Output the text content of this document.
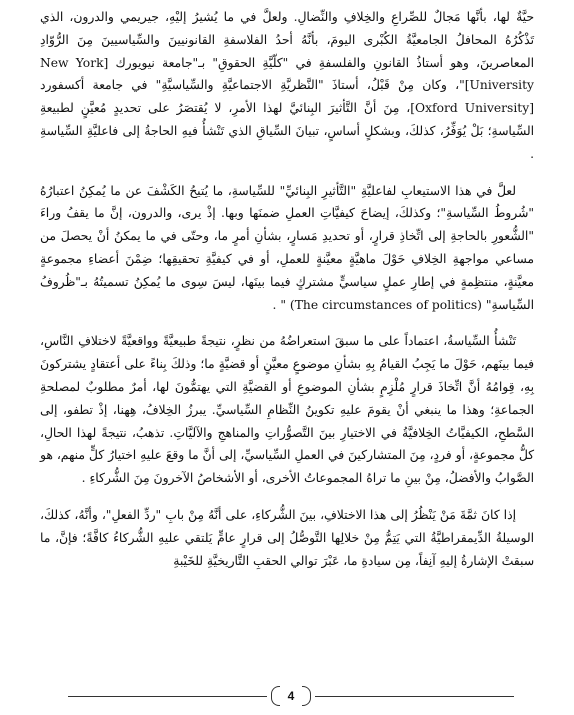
حيَّةٌ لها، بأنَّها مَجالٌ للصِّراعِ والخِلافِ والنِّضالِ. ولعلَّ في ما يُشيرُ إليْهِ، جيريمي والدرون، الذي تَذْكُرُهُ المحافلُ الجامعيَّةُ الكُبْرى اليومَ، بأنَّهُ أحدُ الفلاسفةِ القانونيينَ والسِّياسيينَ مِنَ الرُّوّادِ المعاصرينَ، وهو أستاذُ القانونِ والفلسفةِ في "كلّيَّةِ الحقوقِ" بـ"جامعة نيويورك [New York University]"، وكان مِنْ قَبْلُ، أستاذَ "النَّظريَّةِ الاجتماعيَّةِ والسِّياسيَّةِ" في جامعة أكسفورد [Oxford University]، مِنَ أنَّ التَّأثيرَ البِنائيَّ لهذا الأمرِ، لا يُقتصَرُ على تحديدٍ مُعيَّنٍ لطبيعةِ السِّياسةِ؛ بَلْ يُوَفِّرُ، كذلكَ، وبشكلٍ أساسٍ، تبيانَ السِّياقِ الذي تَنْشأُ فيهِ الحاجةُ إلى فاعليَّةِ السِّياسةِ .

لعلَّ في هذا الاستيعابِ لفاعليَّةِ "التَّأثيرِ البِنائيِّ" للسِّياسةِ، ما يُتيحُ الكَشْفَ عن ما يُمكِنُ اعتبارُهُ "شُروطُ السِّياسةِ"؛ وكذلكَ، إيضاحَ كيفيَّاتِ العملِ ضمنَها وبها. إذْ يرى، والدرون، إنَّ ما يقفُ وراءَ "الشُّعورِ بالحاجةِ إلى اتِّخاذِ قرارٍ، أو تحديدِ مَسارٍ، بشأنِ أمرٍ ما، وحتّى في ما يمكنُ أنْ يحصلَ من مساعي مواجهةِ الخِلافِ حَوْلَ ماهيَّةٍ معيَّنةٍ للعملِ، أو في كيفيَّةِ تحقيقِها؛ ضِمْنَ أعضاءِ مجموعةٍ معيَّنةٍ، منتظِمةٍ في إطارِ عملٍ سياسيٍّ مشتركٍ فيما بينَها، ليسَ سِوى ما يُمكِنُ تسميتُهُ بـ"ظُروفُ السِّياسةِ" (The circumstances of politics) " .

تَنْشأُ السِّياسةُ، اعتماداً على ما سبقَ استعراضُهُ من نظرٍ، نتيجةً طبيعيَّةً وواقعيَّةً لاختلافِ النَّاسِ، فيما بينَهم، حَوْلَ ما يَجِبُ القيامُ بِهِ بشأنِ موضوعٍ معيَّنٍ أو قضيَّةٍ ما؛ وذلكَ بِناءً على أعتقادٍ يشتركونَ بِهِ، قِوامُهُ أنَّ اتِّخاذَ قرارٍ مُلْزِمٍ بشأنِ الموضوعِ أو القضيَّةِ التي يهتمُّونَ لها، أمرٌ مطلوبٌ لمصلحةِ الجماعةِ؛ وهذا ما ينبغي أنْ يقومَ عليهِ تكوينُ النِّظامِ السِّياسيِّ. يبرزُ الخِلافُ، هِهنا، إذْ تطفو، إلى السَّطحِ، الكيفيَّاتُ الخِلافيَّةُ في الاختيارِ بينَ التَّصوُّراتِ والمناهجِ والآليَّاتِ. تذهبُ، نتيجةً لهذا الحالِ، كلُّ مجموعةٍ، أو فردٍ، مِنَ المتشاركينَ في العملِ السِّياسيِّ، إلى أنَّ ما وقعَ عليهِ اختيارُ كلٍّ منهم، هو الصَّوابُ والأفضلُ، مِنْ بينِ ما تراهُ المجموعاتُ الأخرى، أو الأشخاصُ الآخرونَ مِنَ الشُّركاءِ .

إذا كانَ ثمَّةَ مَنْ يَنْظُرُ إلى هذا الاختلافِ، بينَ الشُّركاءِ، على أنَّهُ مِنْ بابِ "ردِّ الفعلِ"، وأنَّهُ، كذلكَ، الوسيلةُ الدِّيمقراطيَّةُ التي يَتِمُّ مِنْ خلالِها التَّوصُّلُ إلى قرارٍ عامٍّ يَلتقي عليهِ الشُّركاءُ كافَّةً؛ فإنَّ، ما سبقتْ الإشارةُ إليهِ آنِفاً، مِن سيادةِ ما، عَبْرَ توالي الحقبِ التَّاريخيَّةِ للخَيْبةِ

4
